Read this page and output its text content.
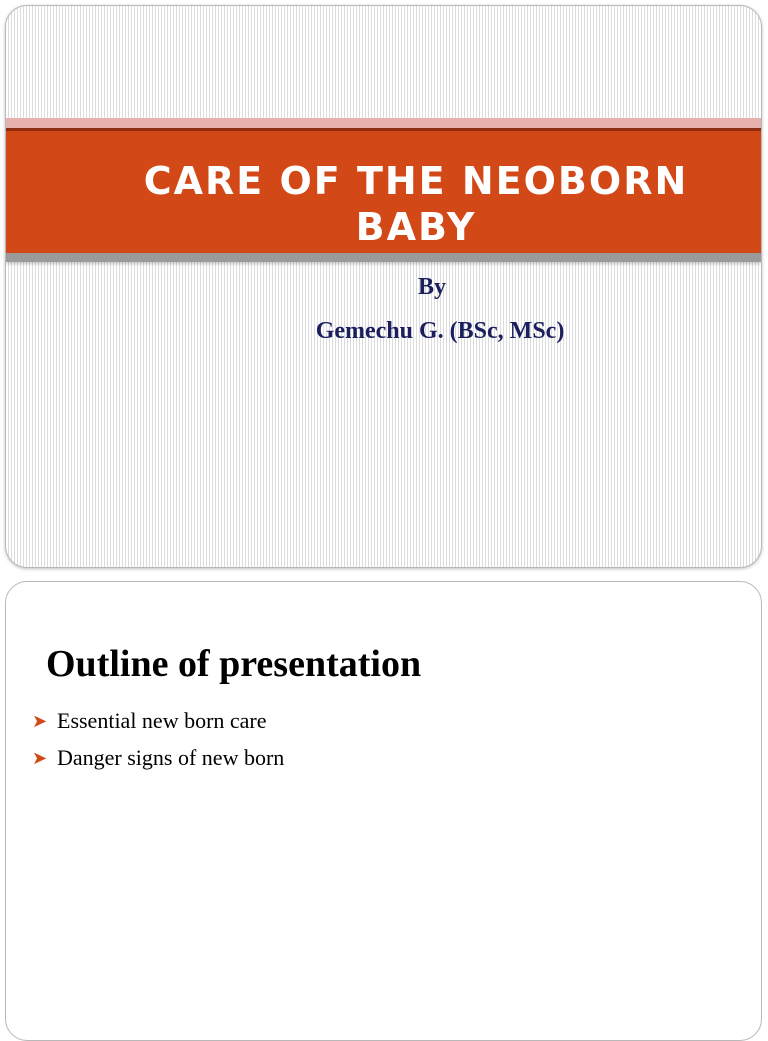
CARE OF THE NEOBORN BABY
By
Gemechu G. (BSc, MSc)
Outline of presentation
➤ Essential new born care
➤ Danger signs of new born
